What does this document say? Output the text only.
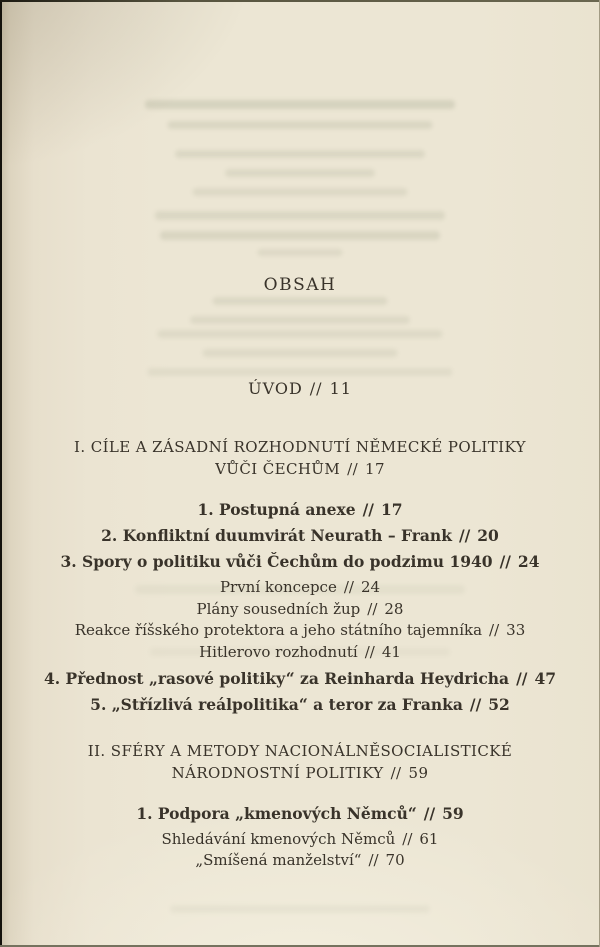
OBSAH
ÚVOD // 11
I. CÍLE A ZÁSADNÍ ROZHODNUTÍ NĚMECKÉ POLITIKY
VŮČI ČECHŮM // 17
1. Postupná anexe // 17
2. Konfliktní duumvirát Neurath – Frank // 20
3. Spory o politiku vůči Čechům do podzimu 1940 // 24
První koncepce // 24
Plány sousedních žup // 28
Reakce říšského protektora a jeho státního tajemníka // 33
Hitlerovo rozhodnutí // 41
4. Přednost „rasové politiky“ za Reinharda Heydricha // 47
5. „Střízlivá reálpolitika“ a teror za Franka // 52
II. SFÉRY A METODY NACIONÁLNĚSOCIALISTICKÉ
NÁRODNOSTNÍ POLITIKY // 59
1. Podpora „kmenových Němců“ // 59
Shledávání kmenových Němců // 61
„Smíšená manželství“ // 70
